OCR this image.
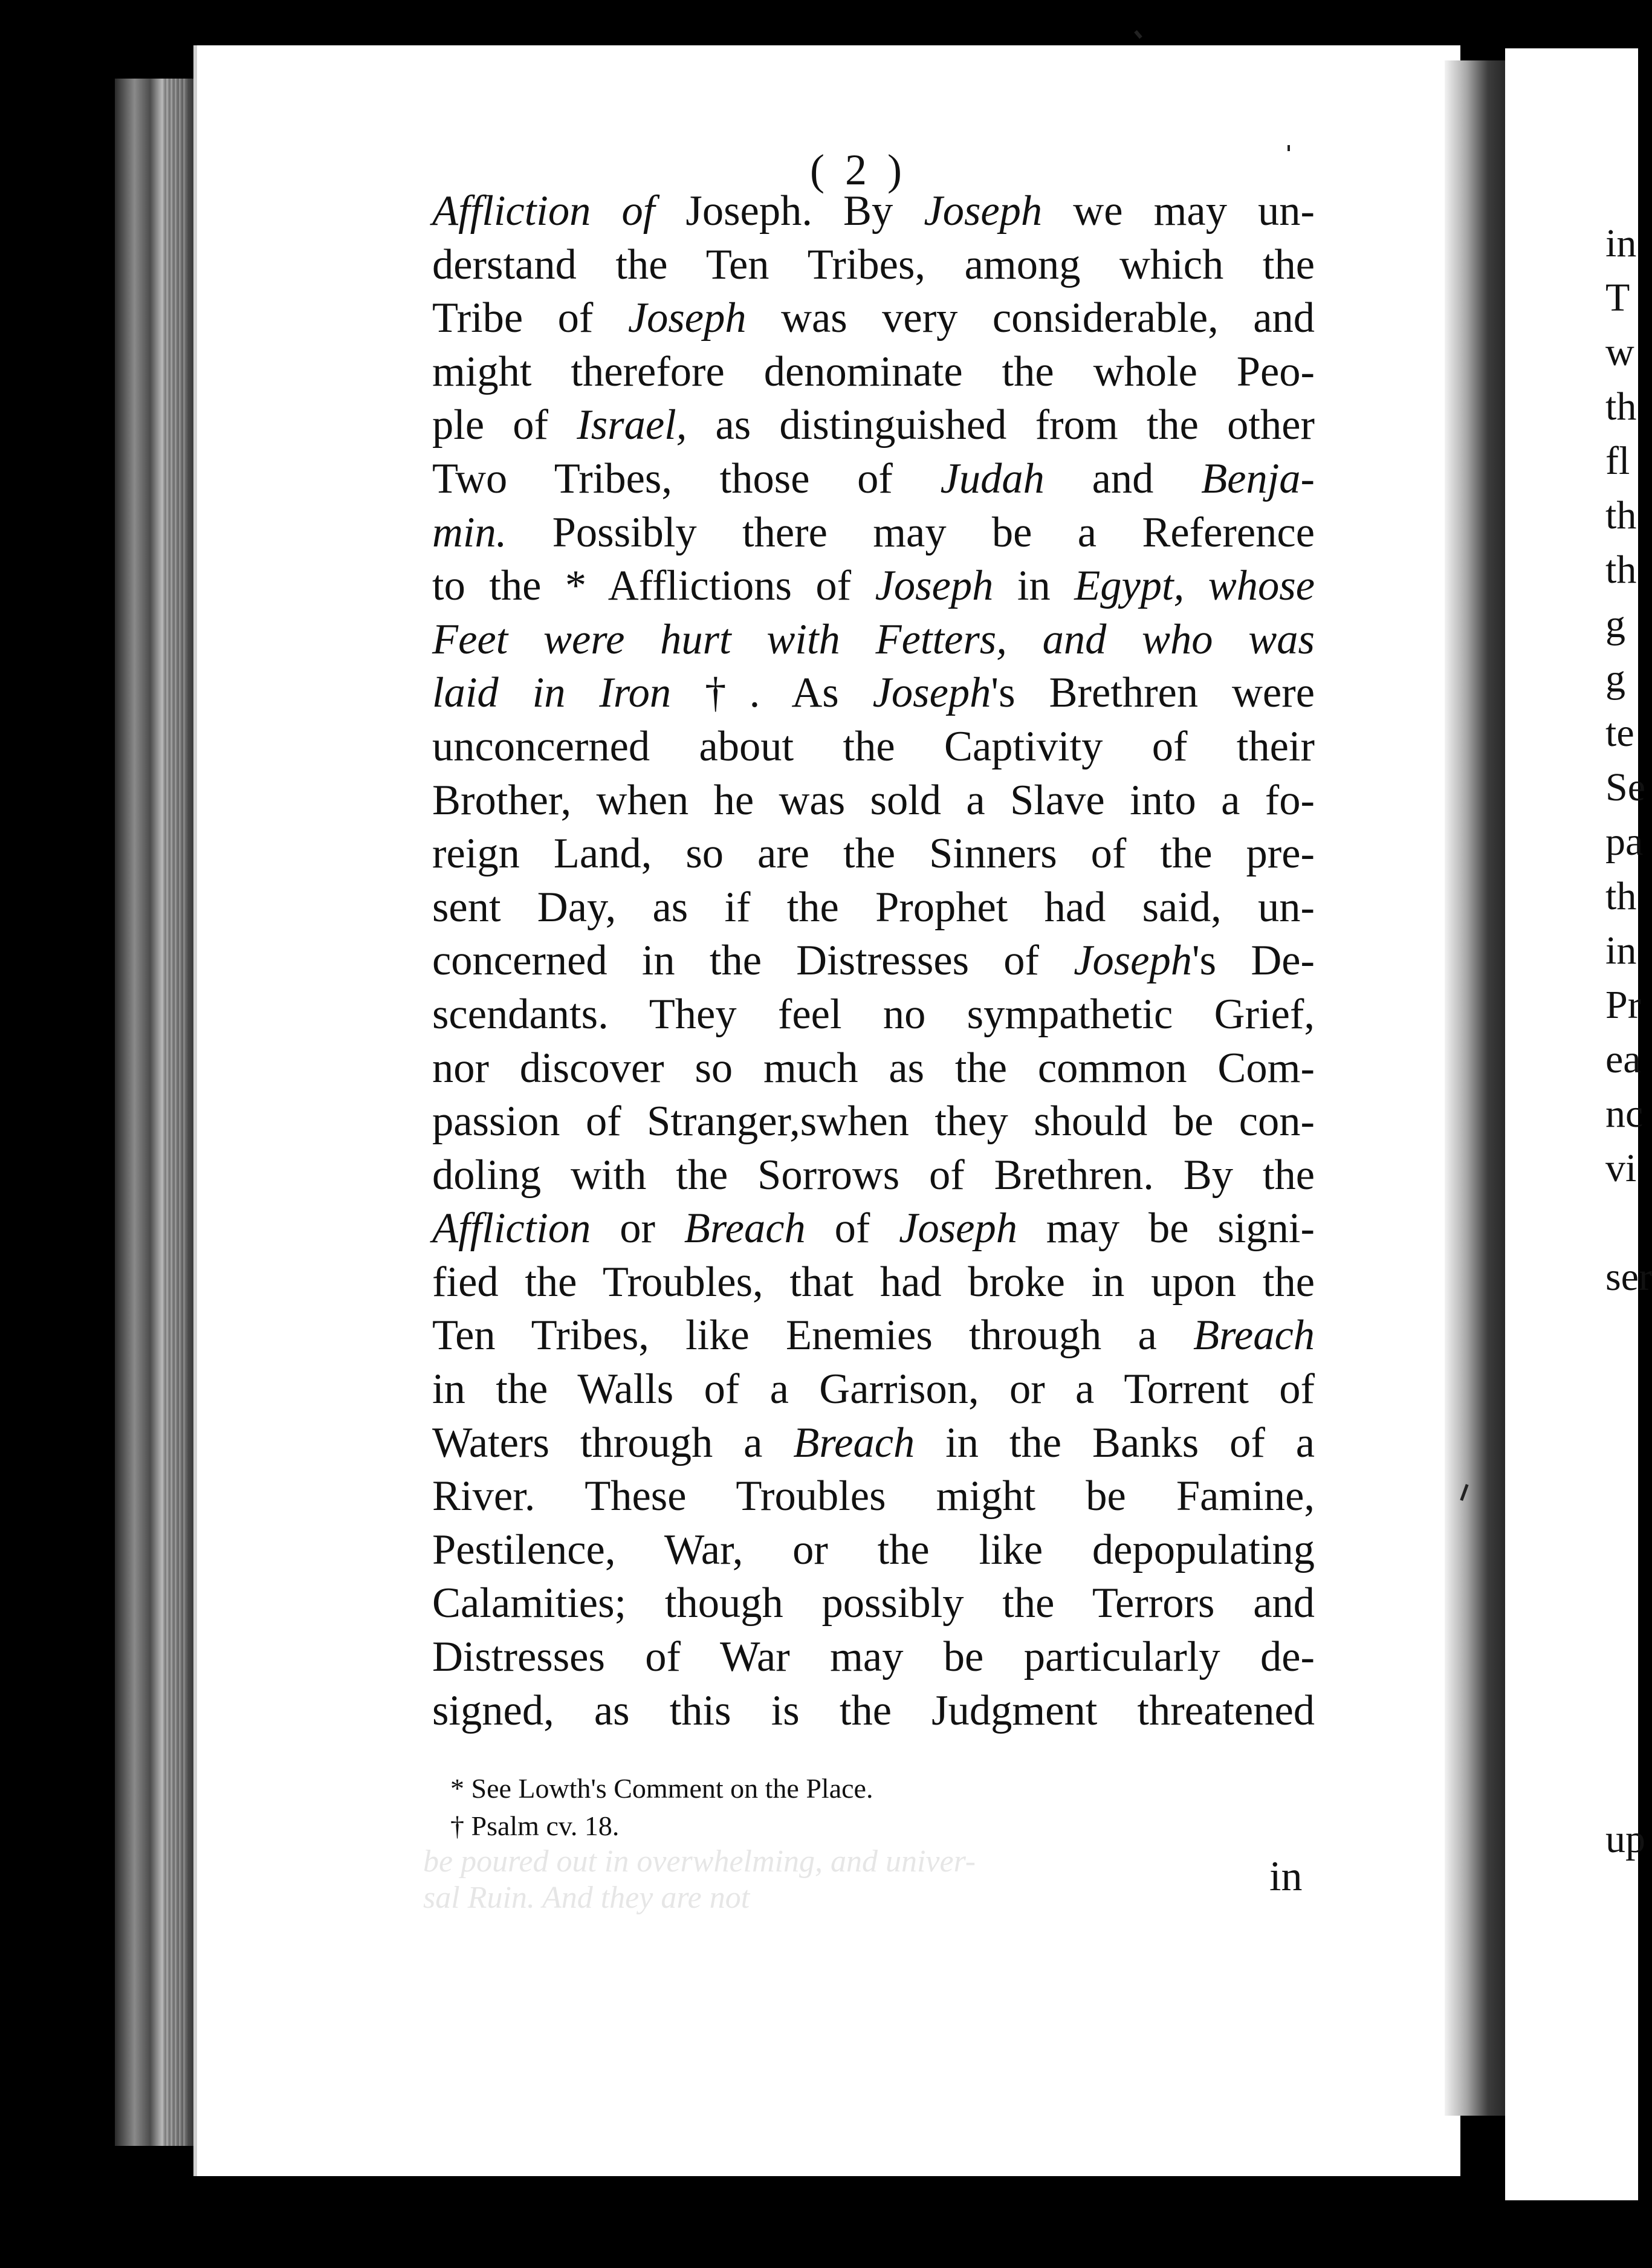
in
T
w
th
fl
th
th
g
g
te
Se
pa
th
in
Pr
ea
nc
vi
ser
up
be poured out in overwhelming, and univer-
sal Ruin. And they are not
( 2 )
Affliction of Joseph. By Joseph we may un-
derstand the Ten Tribes, among which the
Tribe of Joseph was very considerable, and
might therefore denominate the whole Peo-
ple of Israel, as distinguished from the other
Two Tribes, those of Judah and Benja-
min. Possibly there may be a Reference
to the * Afflictions of Joseph in Egypt, whose
Feet were hurt with Fetters, and who was
laid in Iron †. As Joseph's Brethren were
unconcerned about the Captivity of their
Brother, when he was sold a Slave into a fo-
reign Land, so are the Sinners of the pre-
sent Day, as if the Prophet had said, un-
concerned in the Distresses of Joseph's De-
scendants. They feel no sympathetic Grief,
nor discover so much as the common Com-
passion of Stranger,swhen they should be con-
doling with the Sorrows of Brethren. By the
Affliction or Breach of Joseph may be signi-
fied the Troubles, that had broke in upon the
Ten Tribes, like Enemies through a Breach
in the Walls of a Garrison, or a Torrent of
Waters through a Breach in the Banks of a
River. These Troubles might be Famine,
Pestilence, War, or the like depopulating
Calamities; though possibly the Terrors and
Distresses of War may be particularly de-
signed, as this is the Judgment threatened
* See Lowth's Comment on the Place.
† Psalm cv. 18.
in
